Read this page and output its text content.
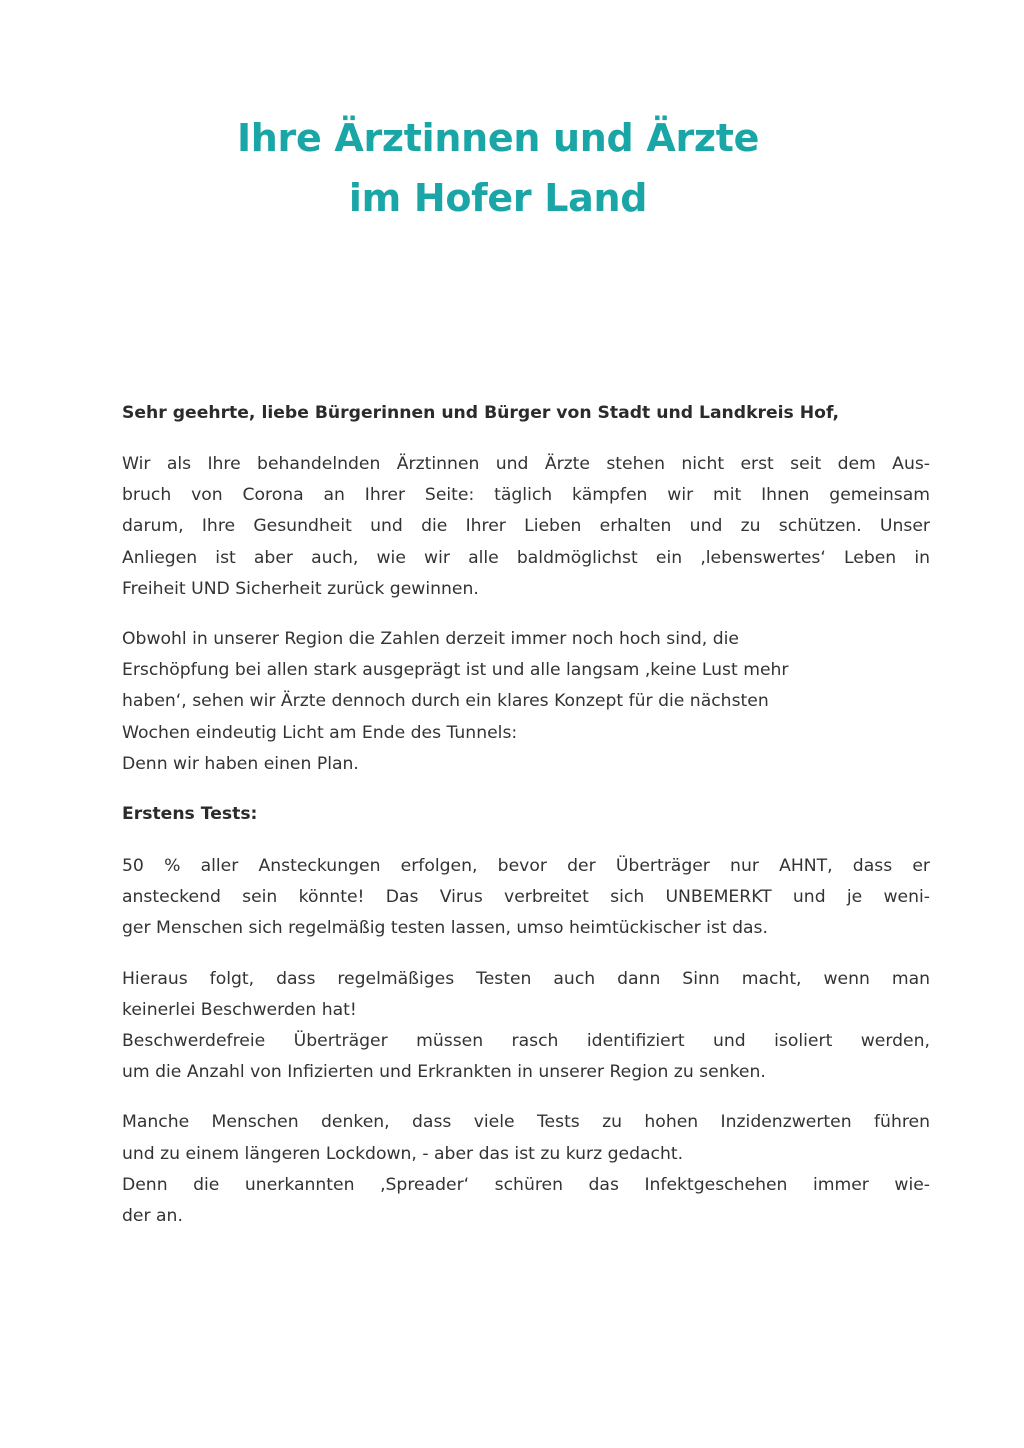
Ihre Ärztinnen und Ärzte
im Hofer Land

Sehr geehrte, liebe Bürgerinnen und Bürger von Stadt und Landkreis Hof,

Wir als Ihre behandelnden Ärztinnen und Ärzte stehen nicht erst seit dem Aus-
bruch von Corona an Ihrer Seite: täglich kämpfen wir mit Ihnen gemeinsam
darum, Ihre Gesundheit und die Ihrer Lieben erhalten und zu schützen. Unser
Anliegen ist aber auch, wie wir alle baldmöglichst ein ‚lebenswertes‘ Leben in
Freiheit UND Sicherheit zurück gewinnen.

Obwohl in unserer Region die Zahlen derzeit immer noch hoch sind, die
Erschöpfung bei allen stark ausgeprägt ist und alle langsam ‚keine Lust mehr
haben‘, sehen wir Ärzte dennoch durch ein klares Konzept für die nächsten
Wochen eindeutig Licht am Ende des Tunnels:
Denn wir haben einen Plan.

Erstens Tests:

50 % aller Ansteckungen erfolgen, bevor der Überträger nur AHNT, dass er
ansteckend sein könnte! Das Virus verbreitet sich UNBEMERKT und je weni-
ger Menschen sich regelmäßig testen lassen, umso heimtückischer ist das.

Hieraus folgt, dass regelmäßiges Testen auch dann Sinn macht, wenn man
keinerlei Beschwerden hat!
Beschwerdefreie Überträger müssen rasch identifiziert und isoliert werden,
um die Anzahl von Infizierten und Erkrankten in unserer Region zu senken.

Manche Menschen denken, dass viele Tests zu hohen Inzidenzwerten führen
und zu einem längeren Lockdown, - aber das ist zu kurz gedacht.
Denn die unerkannten ‚Spreader‘ schüren das Infektgeschehen immer wie-
der an.
